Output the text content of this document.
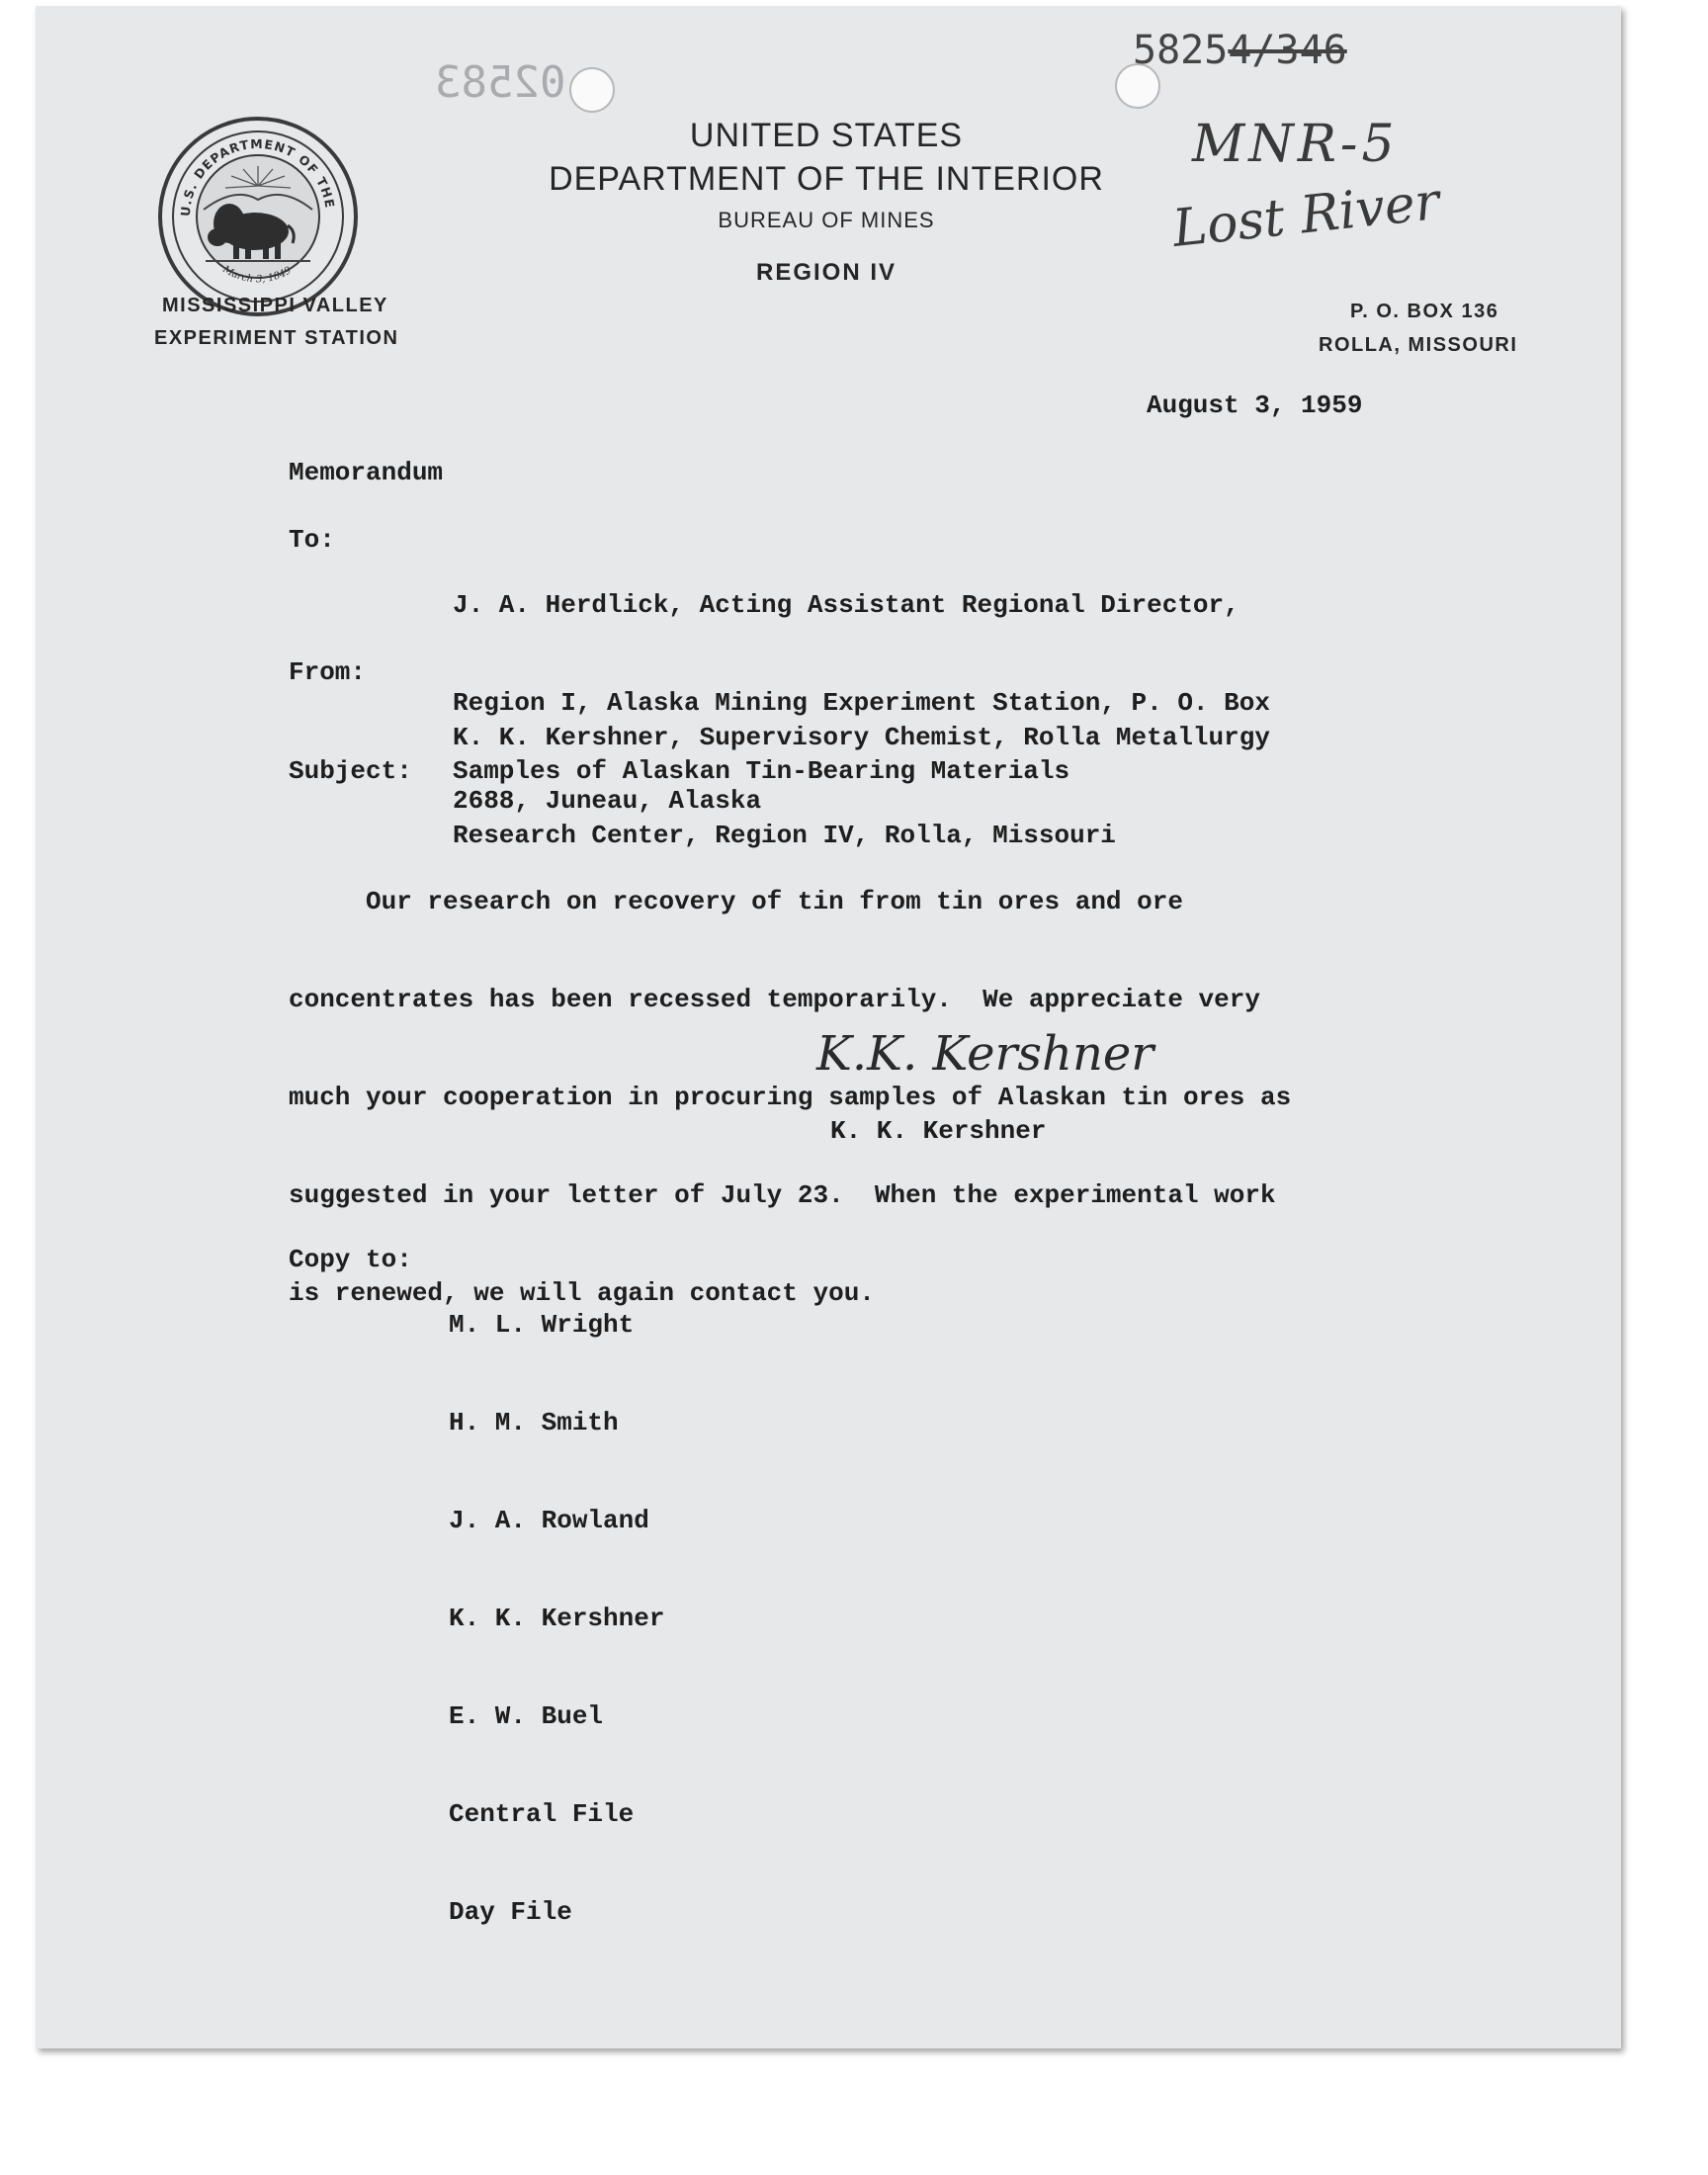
02583
58254/346
MNR-5
Lost River
U.S. DEPARTMENT OF THE
March 3, 1849
UNITED STATES
DEPARTMENT OF THE INTERIOR
BUREAU OF MINES
REGION IV
MISSISSIPPI VALLEY
EXPERIMENT STATION
P. O. BOX 136
ROLLA, MISSOURI
August 3, 1959
Memorandum
To:

J. A. Herdlick, Acting Assistant Regional Director,

Region I, Alaska Mining Experiment Station, P. O. Box

2688, Juneau, Alaska

From:

K. K. Kershner, Supervisory Chemist, Rolla Metallurgy

Research Center, Region IV, Rolla, Missouri

Subject: Samples of Alaskan Tin-Bearing Materials

Our research on recovery of tin from tin ores and ore

concentrates has been recessed temporarily.  We appreciate very

much your cooperation in procuring samples of Alaskan tin ores as

suggested in your letter of July 23.  When the experimental work

is renewed, we will again contact you.

K.K. Kershner
K. K. Kershner
Copy to:

M. L. Wright

H. M. Smith

J. A. Rowland

K. K. Kershner

E. W. Buel

Central File

Day File
